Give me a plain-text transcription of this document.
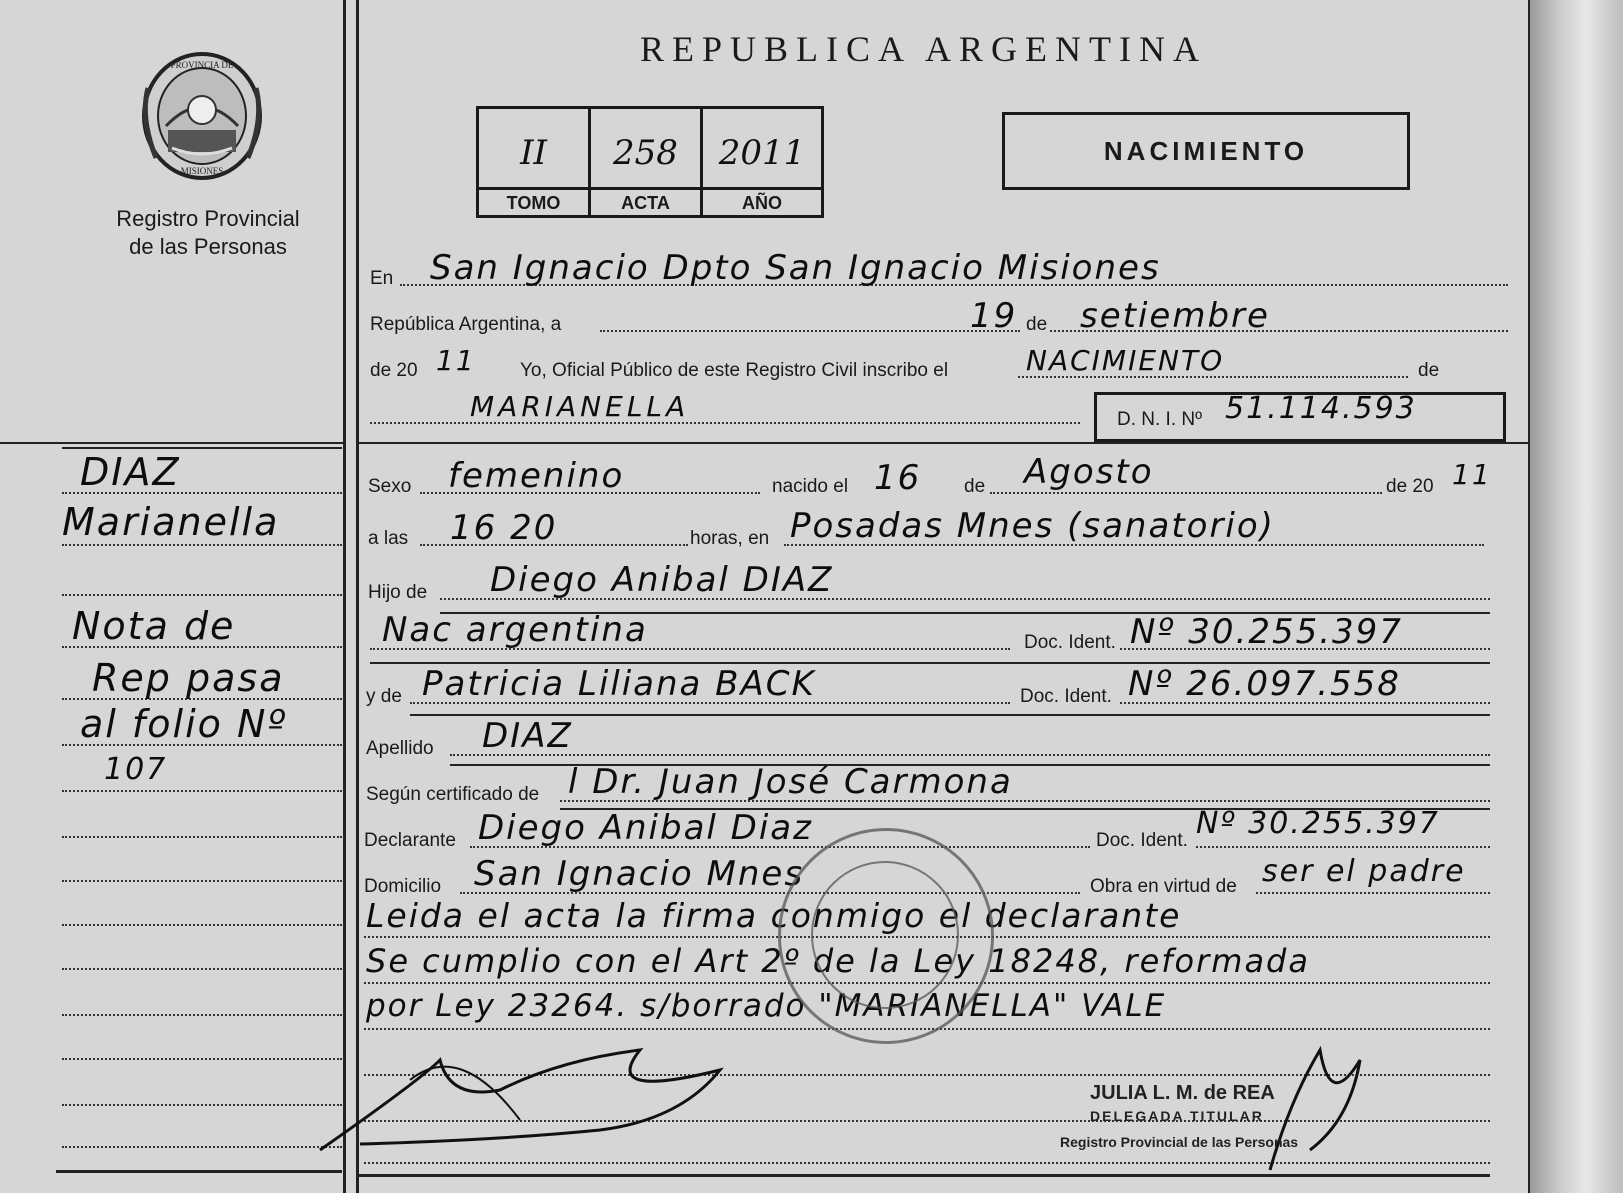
PROVINCIA DE
MISIONES
Registro Provincial
de las Personas
REPUBLICA ARGENTINA
II	258	2011
TOMO	ACTA	AÑO
NACIMIENTO
En San Ignacio Dpto San Ignacio Misiones
República Argentina, a	19 de setiembre
de 20 11 Yo, Oficial Público de este Registro Civil inscribo el	NACIMIENTO	de
MARIANELLA	D. N. I. Nº 51.114.593
DIAZ
Marianella
Nota de
Rep pasa
al folio Nº
107
Sexo femenino	nacido el 16 de Agosto	de 20 11
a las 16 20	horas, en Posadas Mnes (sanatorio)
Hijo de Diego Anibal DIAZ
Nac argentina	Doc. Ident. Nº 30.255.397
y de Patricia Liliana BACK	Doc. Ident. Nº 26.097.558
Apellido DIAZ
Según certificado de l Dr. Juan José Carmona
Declarante Diego Anibal Diaz	Doc. Ident. Nº 30.255.397
Domicilio San Ignacio Mnes	Obra en virtud de ser el padre
Leida el acta la firma conmigo el declarante
Se cumplio con el Art 2º de la Ley 18248, reformada
por Ley 23264. s/borrado "MARIANELLA" VALE
JULIA L. M. de REA
DELEGADA TITULAR
Registro Provincial de las Personas
